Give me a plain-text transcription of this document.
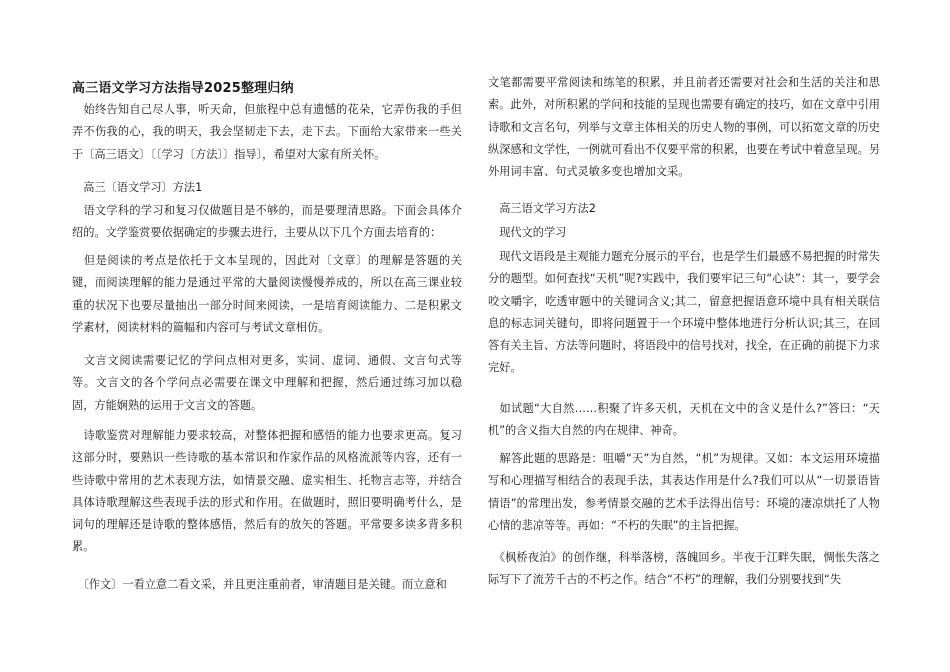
高三语文学习方法指导2025整理归纳

　始终告知自己尽人事，听天命，但旅程中总有遗憾的花朵，它弄伤我的手但弄不伤我的心，我的明天，我会坚韧走下去，走下去。下面给大家带来一些关于〔高三语文〕〔〔学习〔方法〕〕指导〕，希望对大家有所关怀。

　高三〔语文学习〕方法1

　语文学科的学习和复习仅做题目是不够的，而是要理清思路。下面会具体介绍的。文学鉴赏要依据确定的步骤去进行，主要从以下几个方面去培育的：

　但是阅读的考点是依托于文本呈现的，因此对〔文章〕的理解是答题的关键，而阅读理解的能力是通过平常的大量阅读慢慢养成的，所以在高三课业较重的状况下也要尽量抽出一部分时间来阅读，一是培育阅读能力、二是积累文学素材，阅读材料的篇幅和内容可与考试文章相仿。

　文言文阅读需要记忆的学问点相对更多，实词、虚词、通假、文言句式等等。文言文的各个学问点必需要在课文中理解和把握，然后通过练习加以稳固，方能娴熟的运用于文言文的答题。

　诗歌鉴赏对理解能力要求较高，对整体把握和感悟的能力也要求更高。复习这部分时，要熟识一些诗歌的基本常识和作家作品的风格流派等内容，还有一些诗歌中常用的艺术表现方法，如情景交融、虚实相生、托物言志等，并结合具体诗歌理解这些表现手法的形式和作用。在做题时，照旧要明确考什么，是词句的理解还是诗歌的整体感悟，然后有的放矢的答题。平常要多读多背多积累。

　〔作文〕一看立意二看文采，并且更注重前者，审清题目是关键。而立意和

文笔都需要平常阅读和练笔的积累，并且前者还需要对社会和生活的关注和思索。此外，对所积累的学问和技能的呈现也需要有确定的技巧，如在文章中引用诗歌和文言名句，列举与文章主体相关的历史人物的事例，可以拓宽文章的历史纵深感和文学性，一例就可看出不仅要平常的积累，也要在考试中着意呈现。另外用词丰富、句式灵敏多变也增加文采。

　高三语文学习方法2

　现代文的学习

　现代文语段是主观能力题充分展示的平台，也是学生们最感不易把握的时常失分的题型。如何查找“天机”呢?实践中，我们要牢记三句“心诀”：其一，要学会咬文嚼字，吃透审题中的关键词含义;其二，留意把握语意环境中具有相关联信息的标志词关键句，即将问题置于一个环境中整体地进行分析认识;其三，在回答有关主旨、方法等问题时，将语段中的信号找对，找全，在正确的前提下力求完好。

　如试题“大自然……积聚了许多天机，天机在文中的含义是什么?”答曰：“天机”的含义指大自然的内在规律、神奇。

　解答此题的思路是：咀嚼“天”为自然，“机”为规律。又如：本文运用环境描写和心理描写相结合的表现手法，其表达作用是什么?我们可以从“一切景语皆情语”的常理出发，参考情景交融的艺术手法得出信号：环境的凄凉烘托了人物心情的悲凉等等。再如：“不朽的失眠”的主旨把握。

　《枫桥夜泊》的创作继，科举落榜，落魄回乡。半夜于江畔失眠，惆怅失落之际写下了流芳千古的不朽之作。结合“不朽”的理解，我们分别要找到“失
